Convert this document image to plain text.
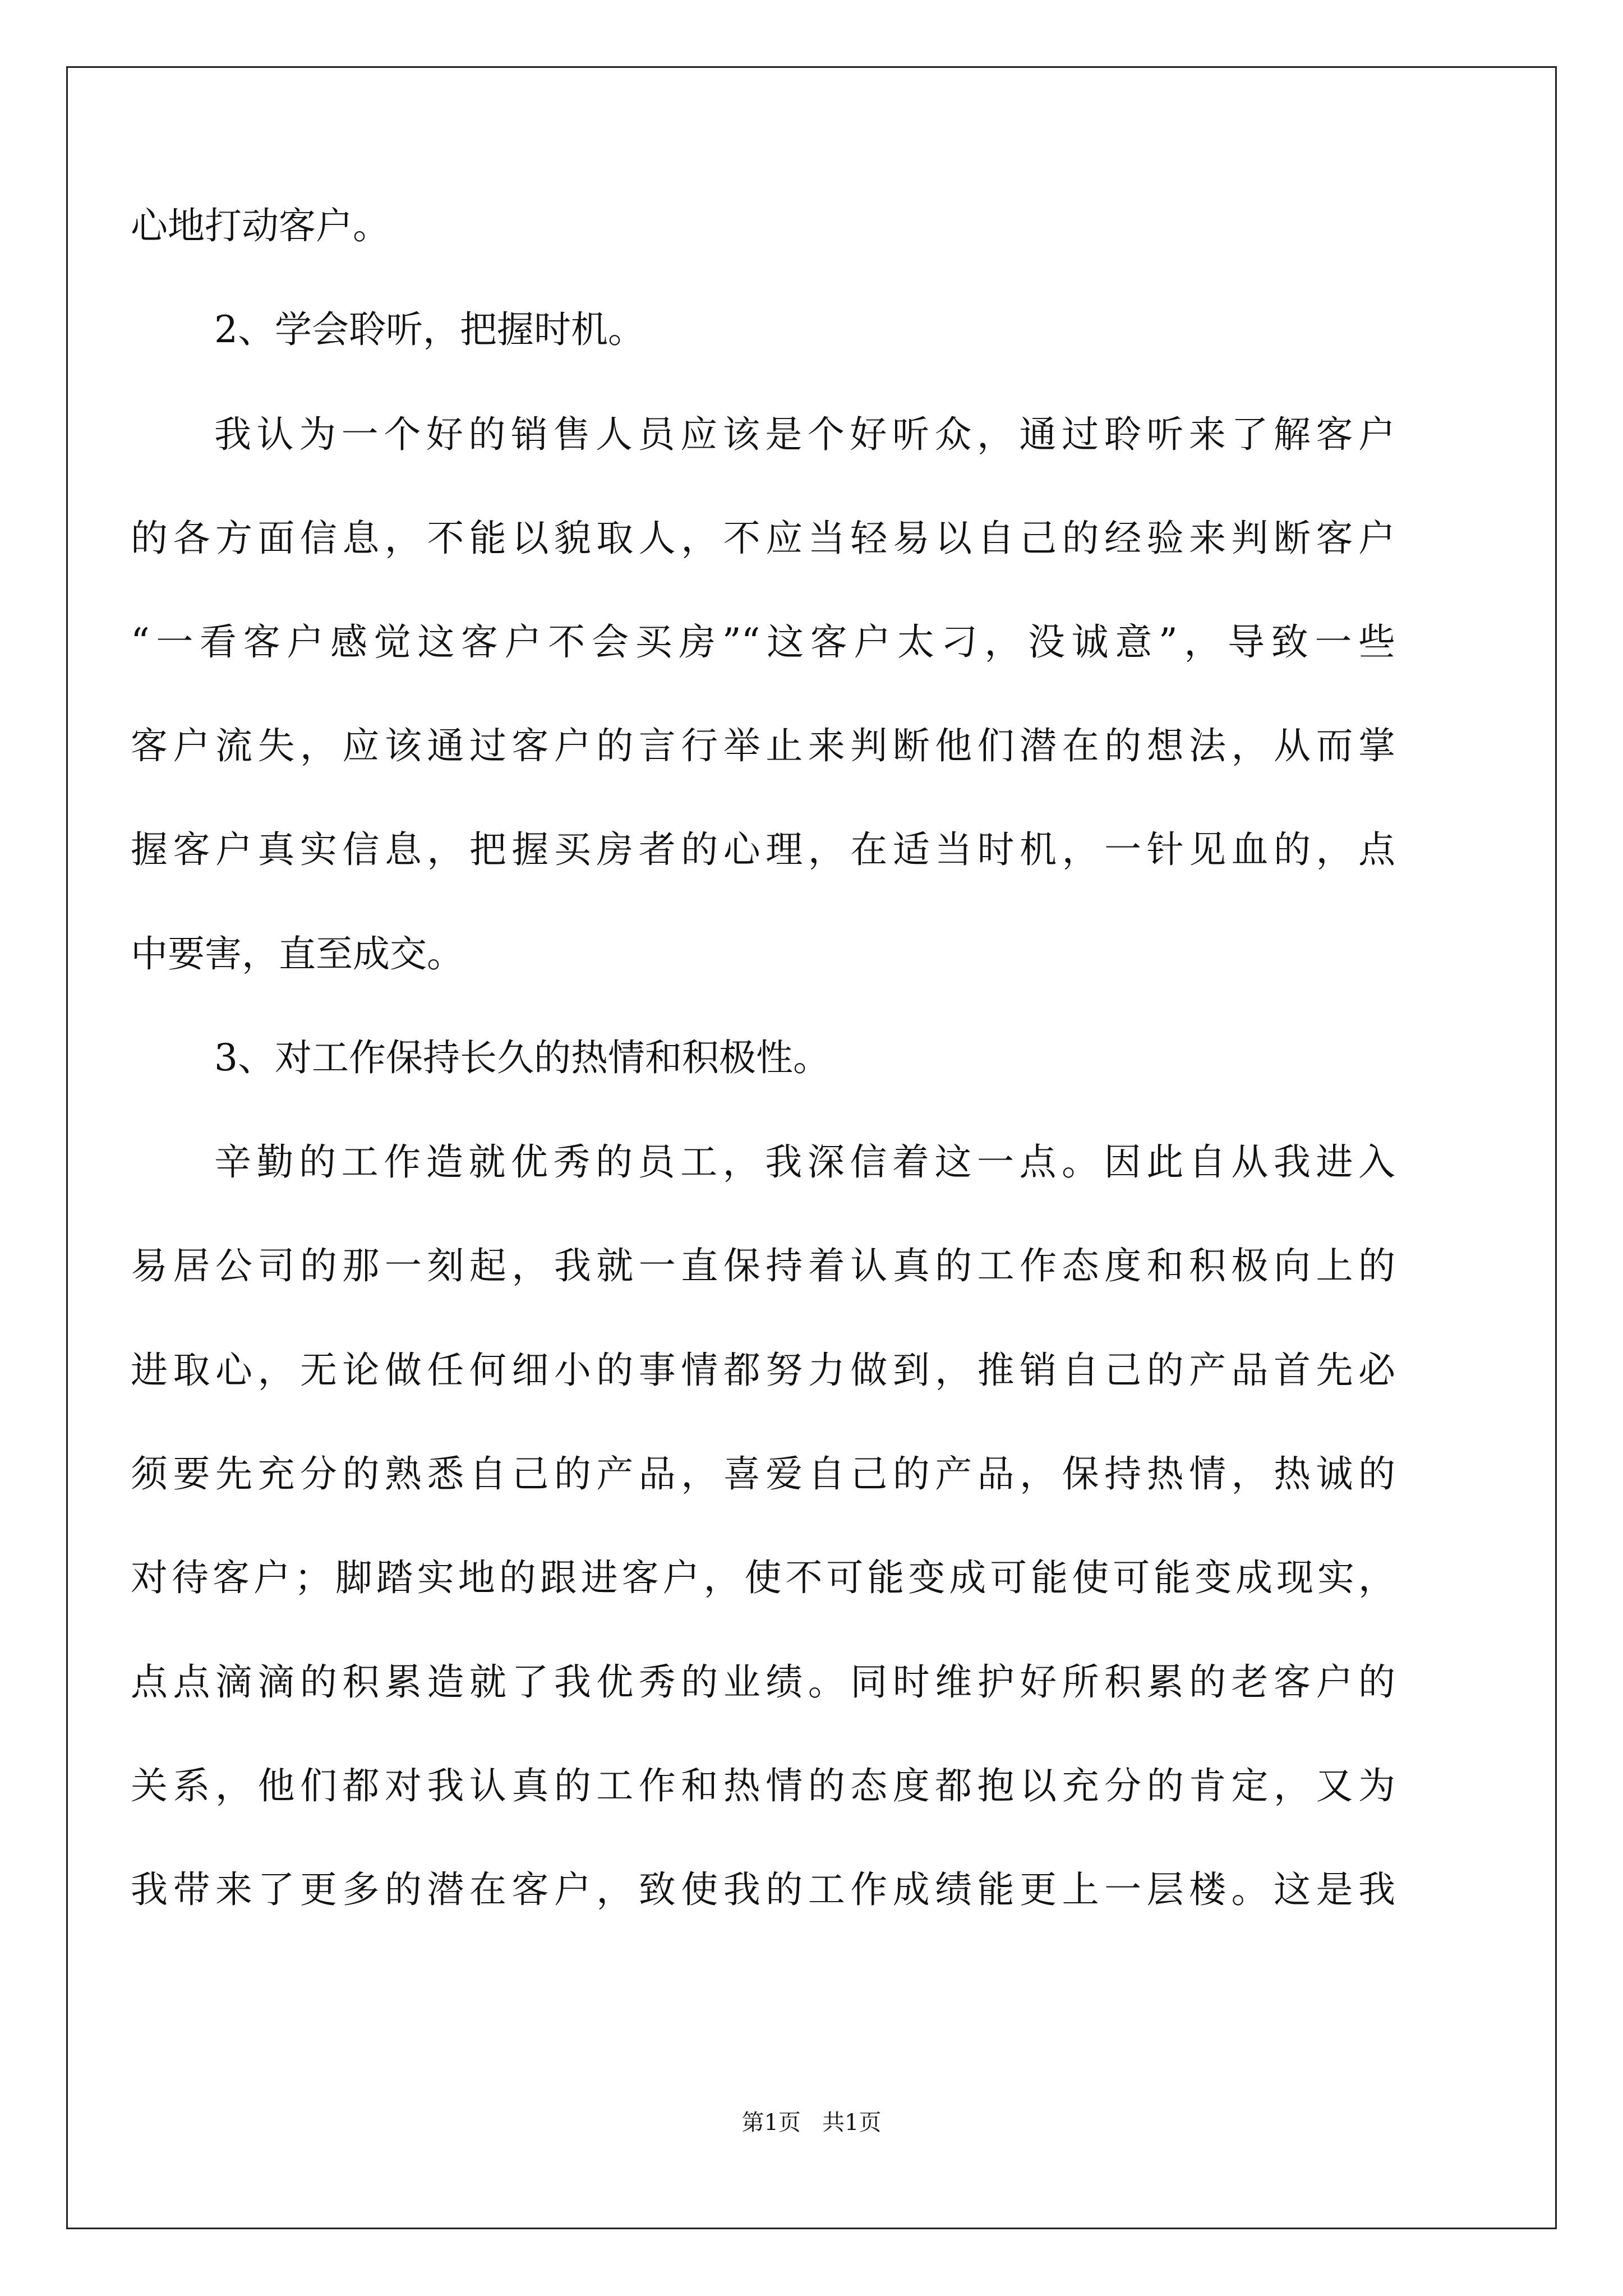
心地打动客户。
2、学会聆听，把握时机。
我认为一个好的销售人员应该是个好听众，通过聆听来了解客户
的各方面信息，不能以貌取人，不应当轻易以自己的经验来判断客户
“一看客户感觉这客户不会买房”“这客户太刁，没诚意”，导致一些
客户流失，应该通过客户的言行举止来判断他们潜在的想法，从而掌
握客户真实信息，把握买房者的心理，在适当时机，一针见血的，点
中要害，直至成交。
3、对工作保持长久的热情和积极性。
辛勤的工作造就优秀的员工，我深信着这一点。因此自从我进入
易居公司的那一刻起，我就一直保持着认真的工作态度和积极向上的
进取心，无论做任何细小的事情都努力做到，推销自己的产品首先必
须要先充分的熟悉自己的产品，喜爱自己的产品，保持热情，热诚的
对待客户；脚踏实地的跟进客户，使不可能变成可能使可能变成现实，
点点滴滴的积累造就了我优秀的业绩。同时维护好所积累的老客户的
关系，他们都对我认真的工作和热情的态度都抱以充分的肯定，又为
我带来了更多的潜在客户，致使我的工作成绩能更上一层楼。这是我
第1页   共1页
